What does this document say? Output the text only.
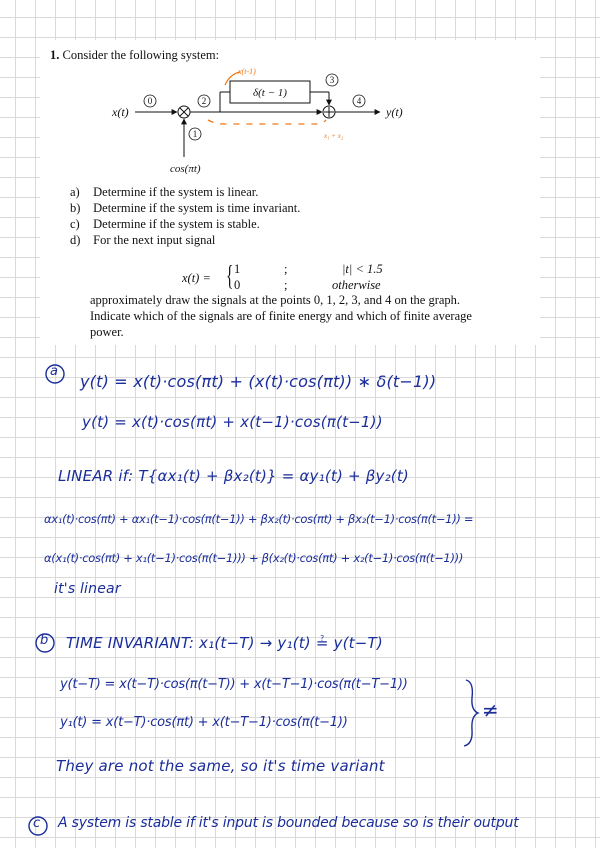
1. Consider the following system:
x(t)
0
1
cos(πt)
2
δ(t − 1)
3
4
y(t)
x(t-1)
x₁ + x₂
a) Determine if the system is linear.
b) Determine if the system is time invariant.
c) Determine if the system is stable.
d) For the next input signal
x(t) = { 1
0
;
;
|t| < 1.5
otherwise
approximately draw the signals at the points 0, 1, 2, 3, and 4 on the graph.
Indicate which of the signals are of finite energy and which of finite average
power.
a
y(t) = x(t)·cos(πt) + (x(t)·cos(πt)) ∗ δ(t−1))
y(t) = x(t)·cos(πt) + x(t−1)·cos(π(t−1))
LINEAR if: T{αx₁(t) + βx₂(t)} = αy₁(t) + βy₂(t)
αx₁(t)·cos(πt) + αx₁(t−1)·cos(π(t−1)) + βx₂(t)·cos(πt) + βx₂(t−1)·cos(π(t−1)) =
α(x₁(t)·cos(πt) + x₁(t−1)·cos(π(t−1))) + β(x₂(t)·cos(πt) + x₂(t−1)·cos(π(t−1)))
it's linear
b TIME INVARIANT: x₁(t−T) → y₁(t) ≟ y(t−T)
y(t−T) = x(t−T)·cos(π(t−T)) + x(t−T−1)·cos(π(t−T−1))
y₁(t) = x(t−T)·cos(πt) + x(t−T−1)·cos(π(t−1))
≠
They are not the same, so it's time variant
c A system is stable if it's input is bounded because so is their output
